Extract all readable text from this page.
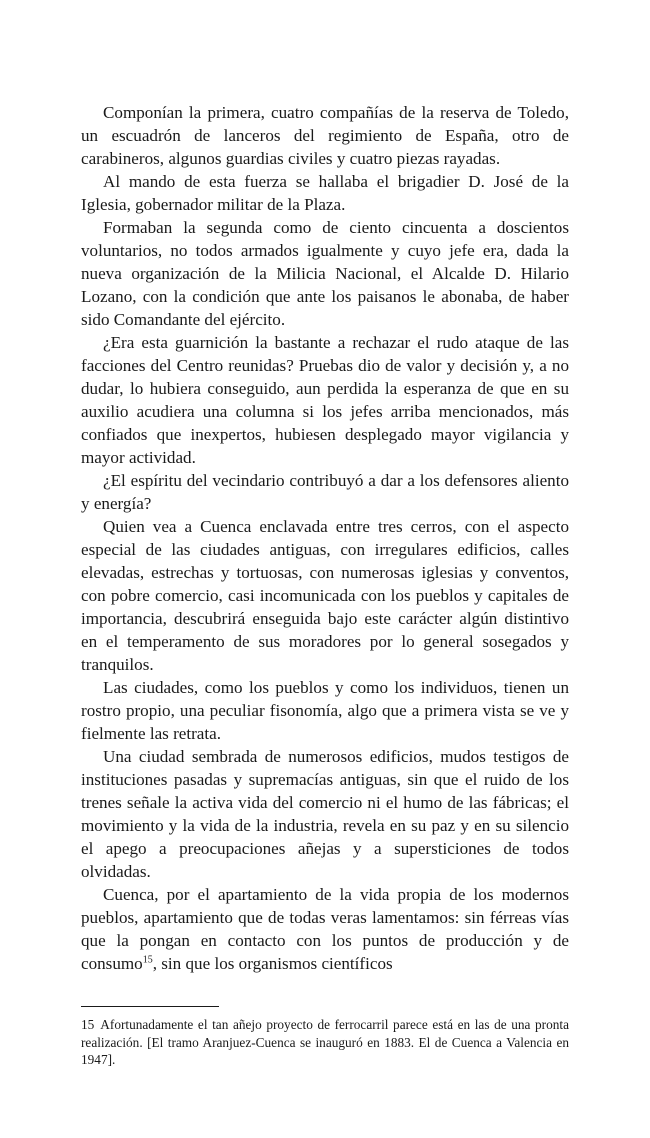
Componían la primera, cuatro compañías de la reserva de Toledo, un escuadrón de lanceros del regimiento de España, otro de carabineros, algunos guardias civiles y cuatro piezas rayadas.

Al mando de esta fuerza se hallaba el brigadier D. José de la Iglesia, gobernador militar de la Plaza.

Formaban la segunda como de ciento cincuenta a doscientos voluntarios, no todos armados igualmente y cuyo jefe era, dada la nueva organización de la Milicia Nacional, el Alcalde D. Hilario Lozano, con la condición que ante los paisanos le abonaba, de haber sido Comandante del ejército.

¿Era esta guarnición la bastante a rechazar el rudo ataque de las facciones del Centro reunidas? Pruebas dio de valor y decisión y, a no dudar, lo hubiera conseguido, aun perdida la esperanza de que en su auxilio acudiera una columna si los jefes arriba mencionados, más confiados que inexpertos, hubiesen desplegado mayor vigilancia y mayor actividad.

¿El espíritu del vecindario contribuyó a dar a los defensores aliento y energía?

Quien vea a Cuenca enclavada entre tres cerros, con el aspecto especial de las ciudades antiguas, con irregulares edificios, calles elevadas, estrechas y tortuosas, con numerosas iglesias y conventos, con pobre comercio, casi incomunicada con los pueblos y capitales de importancia, descubrirá enseguida bajo este carácter algún distintivo en el temperamento de sus moradores por lo general sosegados y tranquilos.

Las ciudades, como los pueblos y como los individuos, tienen un rostro propio, una peculiar fisonomía, algo que a primera vista se ve y fielmente las retrata.

Una ciudad sembrada de numerosos edificios, mudos testigos de instituciones pasadas y supremacías antiguas, sin que el ruido de los trenes señale la activa vida del comercio ni el humo de las fábricas; el movimiento y la vida de la industria, revela en su paz y en su silencio el apego a preocupaciones añejas y a supersticiones de todos olvidadas.

Cuenca, por el apartamiento de la vida propia de los modernos pueblos, apartamiento que de todas veras lamentamos: sin férreas vías que la pongan en contacto con los puntos de producción y de consumo$^{15}$, sin que los organismos científicos

15 Afortunadamente el tan añejo proyecto de ferrocarril parece está en las de una pronta realización. [El tramo Aranjuez-Cuenca se inauguró en 1883. El de Cuenca a Valencia en 1947].
